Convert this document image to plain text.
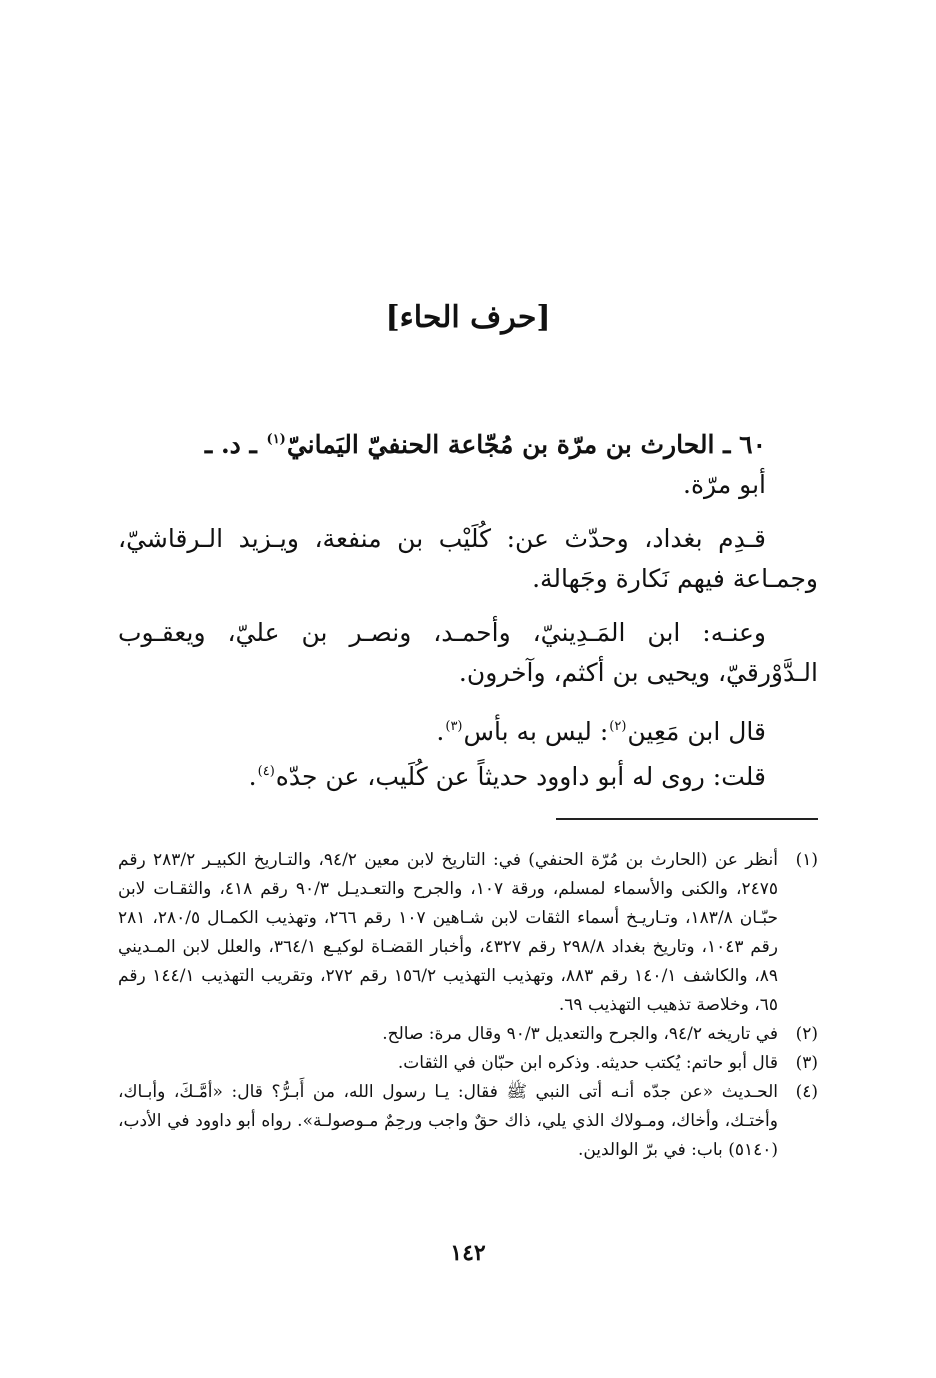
[حرف الحاء]

٦٠ ـ الحارث بن مرّة بن مُجّاعة الحنفيّ اليَمانيّ$^{(١)}$ ـ د. ـ

أبو مرّة.

قـدِم بغداد، وحدّث عن: كُلَيْب بن منفعة، ويـزيد الـرقاشيّ، وجمـاعة فيهم نَكارة وجَهالة.

وعنـه: ابن المَـدِينيّ، وأحمـد، ونصـر بن عليّ، ويعقـوب الـدَّوْرقيّ، ويحيى بن أكثم، وآخرون.

قال ابن مَعِين$^{(٢)}$: ليس به بأس$^{(٣)}$.

قلت: روى له أبو داوود حديثاً عن كُلَيب، عن جدّه$^{(٤)}$.

(١)

أنظر عن (الحارث بن مُرّة الحنفي) في: التاريخ لابن معين ٩٤/٢، والتـاريخ الكبيـر ٢٨٣/٢ رقم ٢٤٧٥، والكنى والأسماء لمسلم، ورقة ١٠٧، والجرح والتعـديـل ٩٠/٣ رقم ٤١٨، والثقـات لابن حبّـان ١٨٣/٨، وتـاريـخ أسماء الثقات لابن شـاهين ١٠٧ رقم ٢٦٦، وتهذيب الكمـال ٢٨٠/٥، ٢٨١ رقم ١٠٤٣، وتاريخ بغداد ٢٩٨/٨ رقم ٤٣٢٧، وأخبار القضـاة لوكيـع ٣٦٤/١، والعلل لابن المـديني ٨٩، والكاشف ١٤٠/١ رقم ٨٨٣، وتهذيب التهذيب ١٥٦/٢ رقم ٢٧٢، وتقريب التهذيب ١٤٤/١ رقم ٦٥، وخلاصة تذهيب التهذيب ٦٩.

(٢)

في تاريخه ٩٤/٢، والجرح والتعديل ٩٠/٣ وقال مرة: صالح.

(٣)

قال أبو حاتم: يُكتب حديثه. وذكره ابن حبّان في الثقات.

(٤)

الحـديث «عن جدّه أنـه أتى النبي ﷺ فقال: يـا رسول الله، من أَبـرُّ؟ قال: «أمَّـكَ، وأبـاك، وأختـك، وأخاك، ومـولاك الذي يلي، ذاك حقٌ واجب ورحِمٌ مـوصولـة». رواه أبو داوود في الأدب، (٥١٤٠) باب: في برّ الوالدين.

١٤٢
